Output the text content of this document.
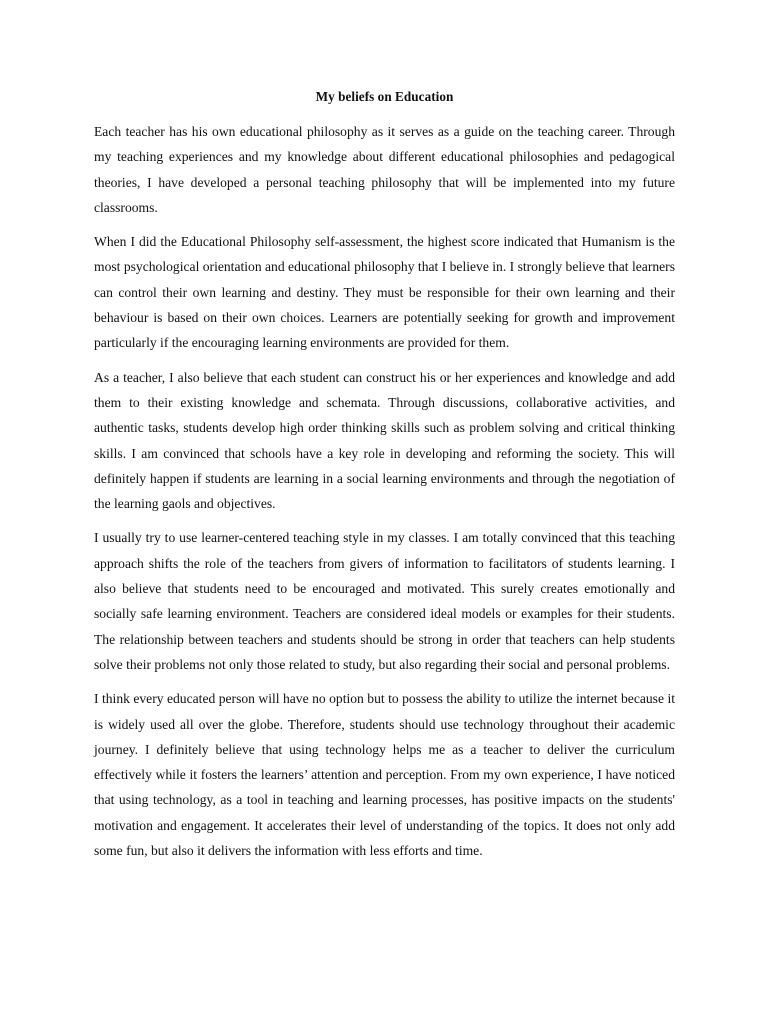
My beliefs on Education

Each teacher has his own educational philosophy as it serves as a guide on the teaching career. Through my teaching experiences and my knowledge about different educational philosophies and pedagogical theories, I have developed a personal teaching philosophy that will be implemented into my future classrooms.

When I did the Educational Philosophy self-assessment, the highest score indicated that Humanism is the most psychological orientation and educational philosophy that I believe in. I strongly believe that learners can control their own learning and destiny. They must be responsible for their own learning and their behaviour is based on their own choices. Learners are potentially seeking for growth and improvement particularly if the encouraging learning environments are provided for them.

As a teacher, I also believe that each student can construct his or her experiences and knowledge and add them to their existing knowledge and schemata. Through discussions, collaborative activities, and authentic tasks, students develop high order thinking skills such as problem solving and critical thinking skills. I am convinced that schools have a key role in developing and reforming the society. This will definitely happen if students are learning in a social learning environments and through the negotiation of the learning gaols and objectives.

I usually try to use learner-centered teaching style in my classes. I am totally convinced that this teaching approach shifts the role of the teachers from givers of information to facilitators of students learning. I also believe that students need to be encouraged and motivated. This surely creates emotionally and socially safe learning environment. Teachers are considered ideal models or examples for their students. The relationship between teachers and students should be strong in order that teachers can help students solve their problems not only those related to study, but also regarding their social and personal problems.

I think every educated person will have no option but to possess the ability to utilize the internet because it is widely used all over the globe. Therefore, students should use technology throughout their academic journey. I definitely believe that using technology helps me as a teacher to deliver the curriculum effectively while it fosters the learners’ attention and perception. From my own experience, I have noticed that using technology, as a tool in teaching and learning processes, has positive impacts on the students' motivation and engagement. It accelerates their level of understanding of the topics. It does not only add some fun, but also it delivers the information with less efforts and time.
